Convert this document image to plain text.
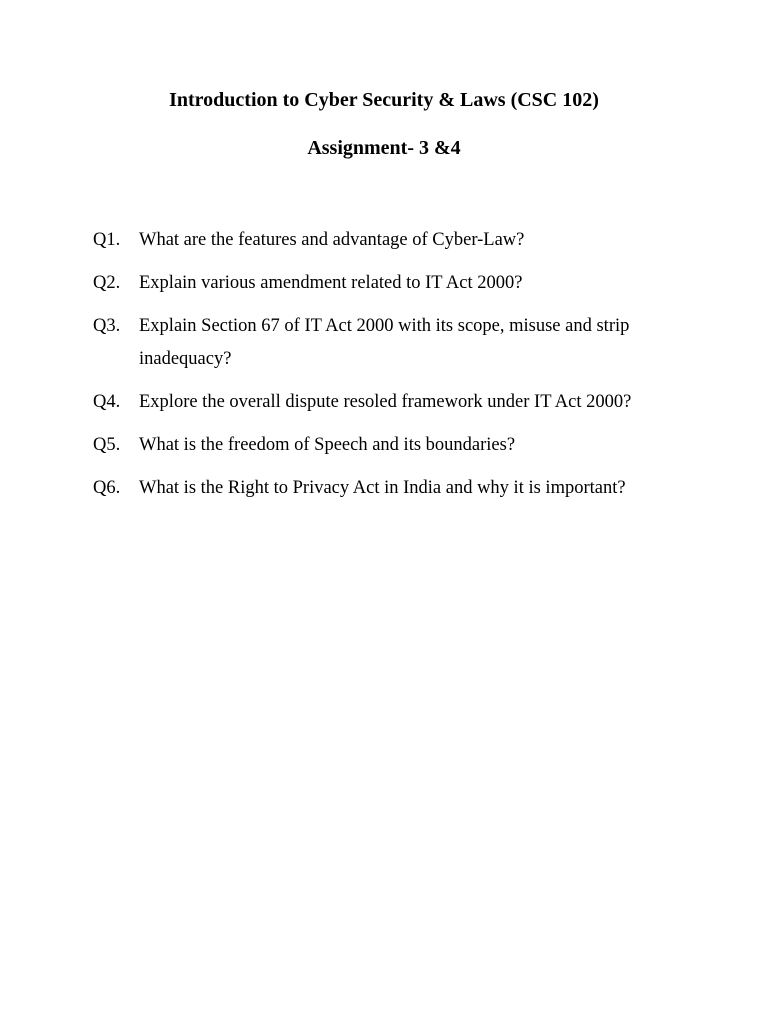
Introduction to Cyber Security & Laws (CSC 102)
Assignment- 3 &4
Q1.	What are the features and advantage of Cyber-Law?
Q2.	Explain various amendment related to IT Act 2000?
Q3.	Explain Section 67 of IT Act 2000 with its scope, misuse and strip inadequacy?
Q4.	Explore the overall dispute resoled framework under IT Act 2000?
Q5.	What is the freedom of Speech and its boundaries?
Q6.	What is the Right to Privacy Act in India and why it is important?
